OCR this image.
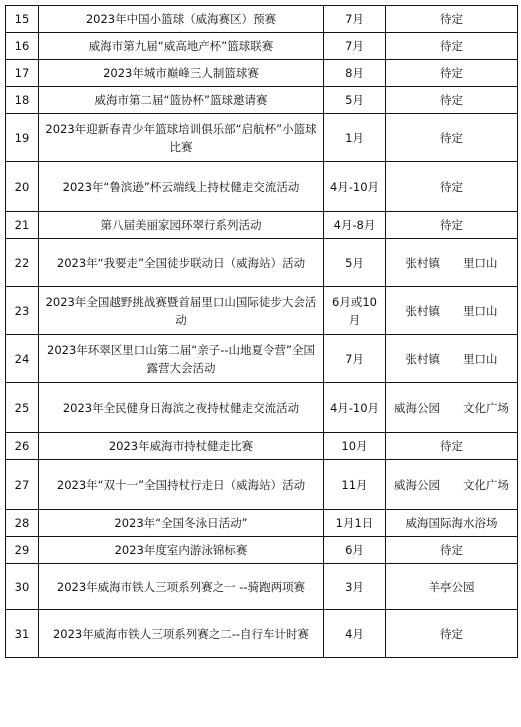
15	2023年中国小篮球（威海赛区）预赛	7月	待定
16	威海市第九届“威高地产杯”篮球联赛	7月	待定
17	2023年城市巅峰三人制篮球赛	8月	待定
18	威海市第二届“篮协杯”篮球邀请赛	5月	待定
19	2023年迎新春青少年篮球培训俱乐部“启航杯”小篮球比赛	1月	待定
20	2023年“鲁滨逊”杯云端线上持杖健走交流活动	4月-10月	待定
21	第八届美丽家园环翠行系列活动	4月-8月	待定
22	2023年“我要走”全国徒步联动日（威海站）活动	5月	张村镇　　里口山
23	2023年全国越野挑战赛暨首届里口山国际徒步大会活动	6月或10月	张村镇　　里口山
24	2023年环翠区里口山第二届“亲子--山地夏令营”全国露营大会活动	7月	张村镇　　里口山
25	2023年全民健身日海滨之夜持杖健走交流活动	4月-10月	威海公园　　文化广场
26	2023年威海市持杖健走比赛	10月	待定
27	2023年“双十一”全国持杖行走日（威海站）活动	11月	威海公园　　文化广场
28	2023年“全国冬泳日活动”	1月1日	威海国际海水浴场
29	2023年度室内游泳锦标赛	6月	待定
30	2023年威海市铁人三项系列赛之一 --骑跑两项赛	3月	羊亭公园
31	2023年威海市铁人三项系列赛之二--自行车计时赛	4月	待定
